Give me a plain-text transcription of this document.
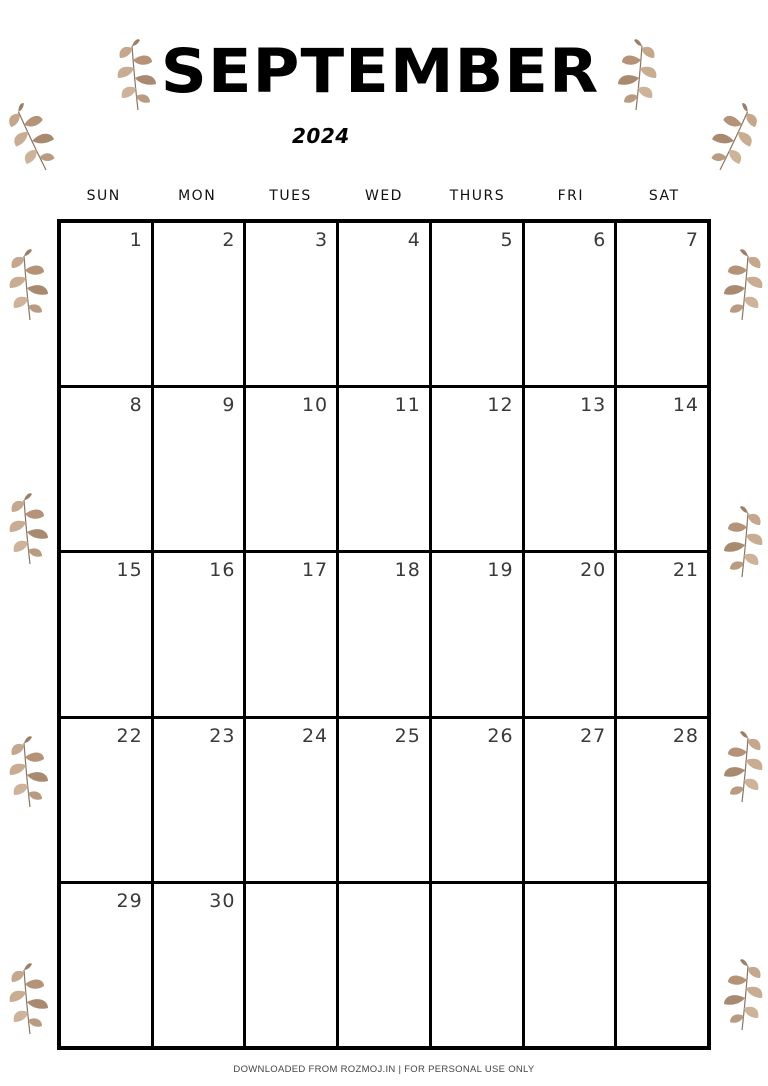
SEPTEMBER
2024
SUN	MON	TUES	WED	THURS	FRI	SAT
1	2	3	4	5	6	7
8	9	10	11	12	13	14
15	16	17	18	19	20	21
22	23	24	25	26	27	28
29	30
DOWNLOADED FROM ROZMOJ.IN | FOR PERSONAL USE ONLY
